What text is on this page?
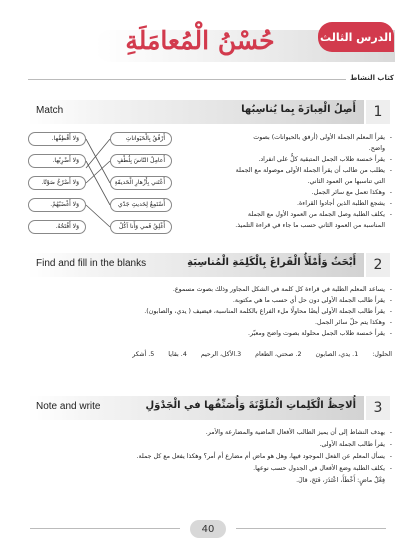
الدرس الثالث
حُسْنُ الْمُعامَلَةِ
كتاب النشاط
1
أَصِلُ الْعِبارَةَ بِما يُناسِبُها
Match
وَلا أَقْطِفُها.
وَلا أَضْرِبُها.
وَلا أَصْرُخُ صَوْتًا.
وَلا أَغْضَبُهُمْ.
وَلا أَفْتَحُهُ.
أَرْفُقُ بِالْحَيَواناتِ
أُعامِلُ النّاسَ بِلُطْفٍ
أَعْتَني بِأَزْهارِ الْحَديقَةِ
أَسْتَمِعُ لِحَديثِ جَدّي
أُغْلِقُ فَمي وَأَنا آكُلُ
- يقرأ المعلم الجملة الأولى (أرفق بالحيوانات) بصوت
واضح.
- يقرأ خمسة طلاب الجمل المتبقية كلٌّ على انفراد.
- يطلب من طالب أن يقرأ الجملة الأولى موصولة مع الجملة
التي تناسبها من العمود الثاني.
- وهكذا تعمل مع سائر الجمل.
- يشجع الطلبة الذين أجادوا القراءة.
- يكلف الطلبة وصل الجملة من العمود الأول مع الجملة
المناسبة من العمود الثاني حسب ما جاء في قراءة التلميذ.
2
أَبْحَثُ وَأَمْلَأُ الْفَراغَ بِالْكَلِمَةِ الْمُناسِبَةِ
Find and fill in the blanks
- يساعد المعلم الطلبة في قراءة كل كلمة في الشكل المجاور وذلك بصوت مسموع.
- يقرأ طالب الجملة الأولى دون حل أي حسب ما هي مكتوبة.
- يقرأ طالب الجملة الأولى أيضًا محاولًا ملء الفراغ بالكلمة المناسبة، فيضيف ( يدي، والصابون).
- وهكذا يتم حلّ سائر الجمل.
- يقرأ خمسة طلاب الجمل محلولة بصوت واضح ومعبّر.
الحلول: 1. يدي، الصابون 2. صحتي، الطعام 3.الأكل، الرحيم 4. بقايا 5. أشكر
3
أُلاحِظُ الْكَلِماتِ الْمُلَوَّنَةَ وَأُصَنِّفُها في الْجَدْوَلِ
Note and write
- يهدف النشاط إلى أن يميز الطالب الأفعال الماضية والمضارعة والأمر.
- يقرأ طالب الجملة الأولى.
- يسأل المعلم عن الفعل الموجود فيها، وهل هو ماض أم مضارع أم أمر؟ وهكذا يفعل مع كل جملة.
- يكلف الطلبة وضع الأفعال في الجدول حسب نوعها.
فِعْلٌ ماضٍ: أَخْطَأَ، اعْتَذَرَ، فَتَحَ، قالَ.
40
